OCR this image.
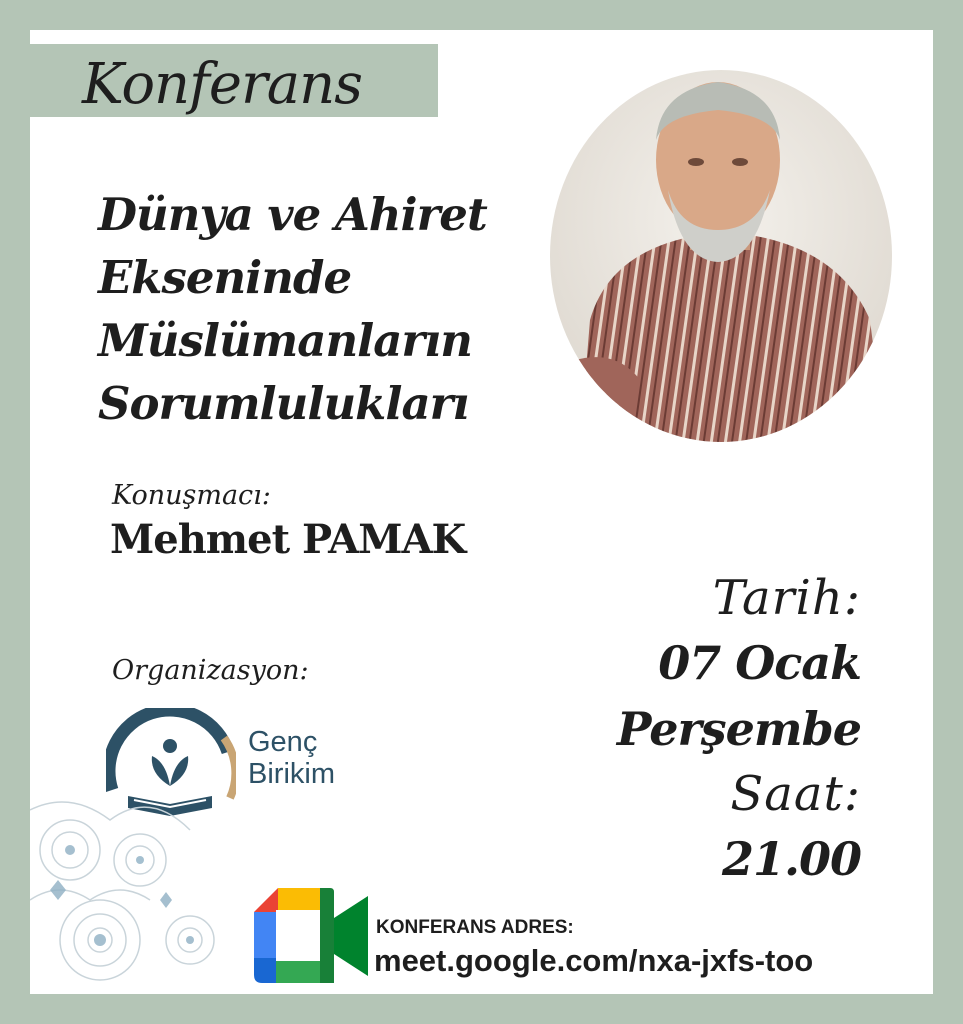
Konferans
Dünya ve Ahiret
Ekseninde
Müslümanların
Sorumlulukları
Konuşmacı:
Mehmet PAMAK
Organizasyon:
Genç
Birikim
Tarih:
07 Ocak
Perşembe
Saat:
21.00
KONFERANS ADRES:
meet.google.com/nxa-jxfs-too
